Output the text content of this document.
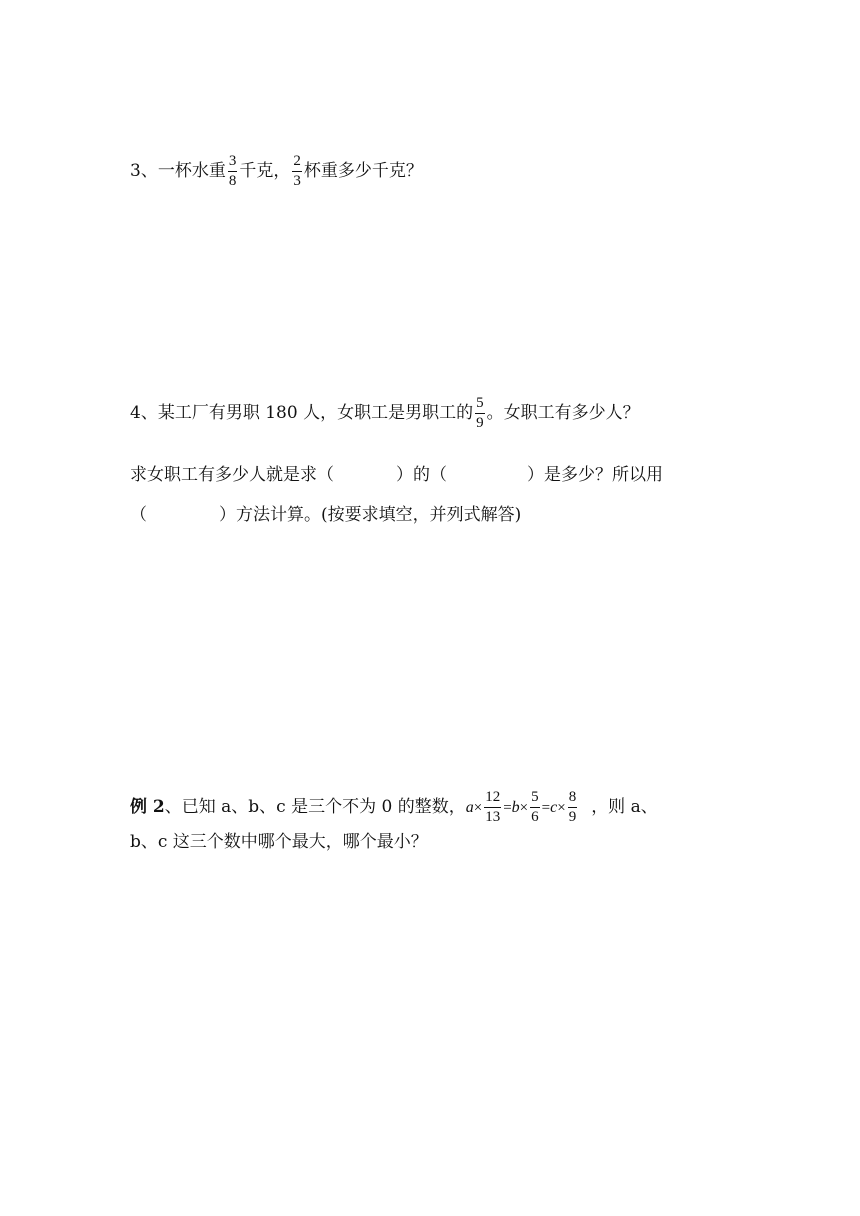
3、一杯水重 $\frac{3}{8}$ 千克， $\frac{2}{3}$ 杯重多少千克？
4、某工厂有男职 180 人，女职工是男职工的 $\frac{5}{9}$ 。女职工有多少人？
求女职工有多少人就是求（	）的（	）是多少？所以用
（	）方法计算。(按要求填空，并列式解答)
例 2、已知 a、b、c 是三个不为 0 的整数，$a\times \frac{12}{13} =b\times \frac{5}{6} =c\times \frac{8}{9}$ ，则 a、
b、c 这三个数中哪个最大，哪个最小？
